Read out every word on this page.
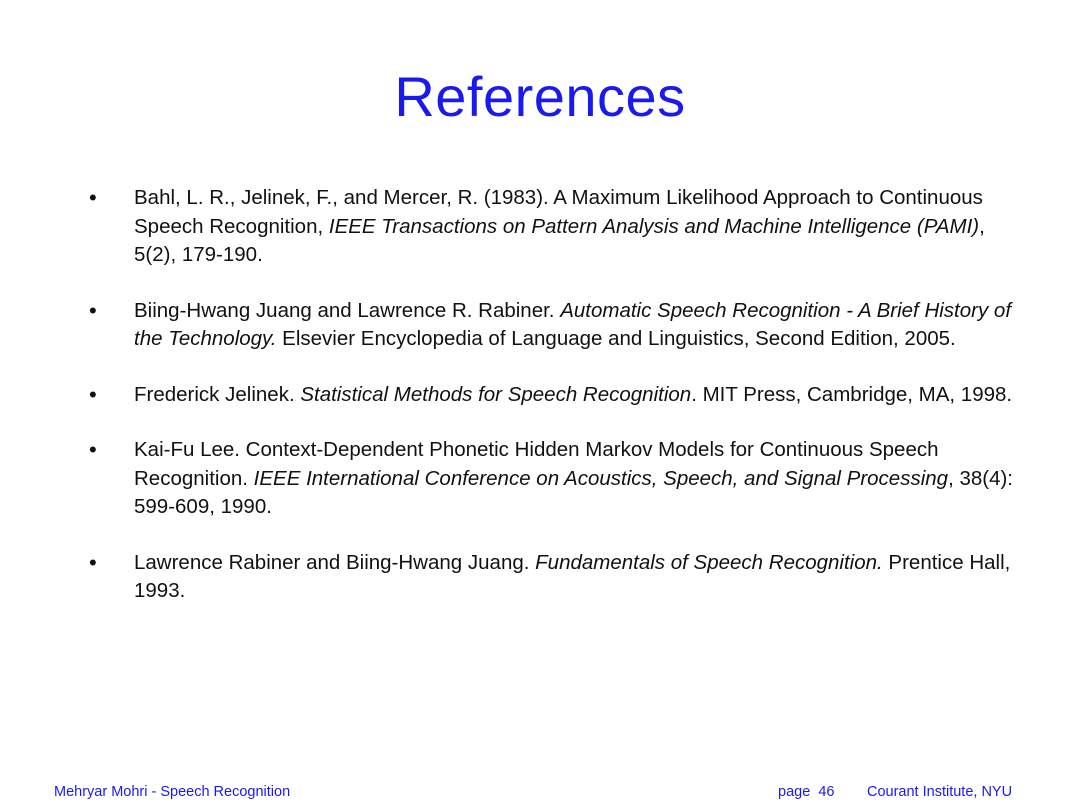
References
•	Bahl, L. R., Jelinek, F., and Mercer, R. (1983). A Maximum Likelihood Approach to Continuous Speech Recognition, IEEE Transactions on Pattern Analysis and Machine Intelligence (PAMI), 5(2), 179-190.
•	Biing-Hwang Juang and Lawrence R. Rabiner. Automatic Speech Recognition - A Brief History of the Technology. Elsevier Encyclopedia of Language and Linguistics, Second Edition, 2005.
•	Frederick Jelinek. Statistical Methods for Speech Recognition. MIT Press, Cambridge, MA, 1998.
•	Kai-Fu Lee. Context-Dependent Phonetic Hidden Markov Models for Continuous Speech Recognition. IEEE International Conference on Acoustics, Speech, and Signal Processing, 38(4): 599-609, 1990.
•	Lawrence Rabiner and Biing-Hwang Juang. Fundamentals of Speech Recognition. Prentice Hall, 1993.
Mehryar Mohri - Speech Recognition	page  46 Courant Institute, NYU
